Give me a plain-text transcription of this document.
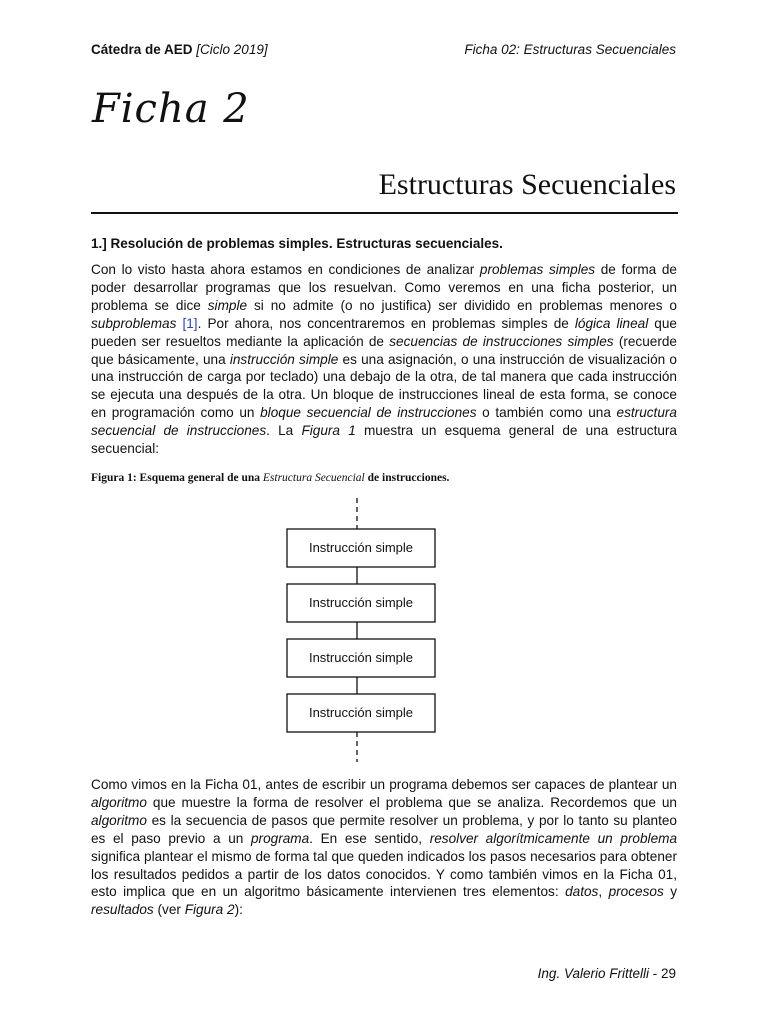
Cátedra de AED [Ciclo 2019]	Ficha 02: Estructuras Secuenciales
Ficha 2
Estructuras Secuenciales
1.] Resolución de problemas simples. Estructuras secuenciales.

Con lo visto hasta ahora estamos en condiciones de analizar problemas simples de forma de poder desarrollar programas que los resuelvan. Como veremos en una ficha posterior, un problema se dice simple si no admite (o no justifica) ser dividido en problemas menores o subproblemas [1]. Por ahora, nos concentraremos en problemas simples de lógica lineal que pueden ser resueltos mediante la aplicación de secuencias de instrucciones simples (recuerde que básicamente, una instrucción simple es una asignación, o una instrucción de visualización o una instrucción de carga por teclado) una debajo de la otra, de tal manera que cada instrucción se ejecuta una después de la otra. Un bloque de instrucciones lineal de esta forma, se conoce en programación como un bloque secuencial de instrucciones o también como una estructura secuencial de instrucciones. La Figura 1 muestra un esquema general de una estructura secuencial:

Figura 1: Esquema general de una Estructura Secuencial de instrucciones.
Instrucción simple
Instrucción simple
Instrucción simple
Instrucción simple

Como vimos en la Ficha 01, antes de escribir un programa debemos ser capaces de plantear un algoritmo que muestre la forma de resolver el problema que se analiza. Recordemos que un algoritmo es la secuencia de pasos que permite resolver un problema, y por lo tanto su planteo es el paso previo a un programa. En ese sentido, resolver algorítmicamente un problema significa plantear el mismo de forma tal que queden indicados los pasos necesarios para obtener los resultados pedidos a partir de los datos conocidos. Y como también vimos en la Ficha 01, esto implica que en un algoritmo básicamente intervienen tres elementos: datos, procesos y resultados (ver Figura 2):

Ing. Valerio Frittelli - 29
